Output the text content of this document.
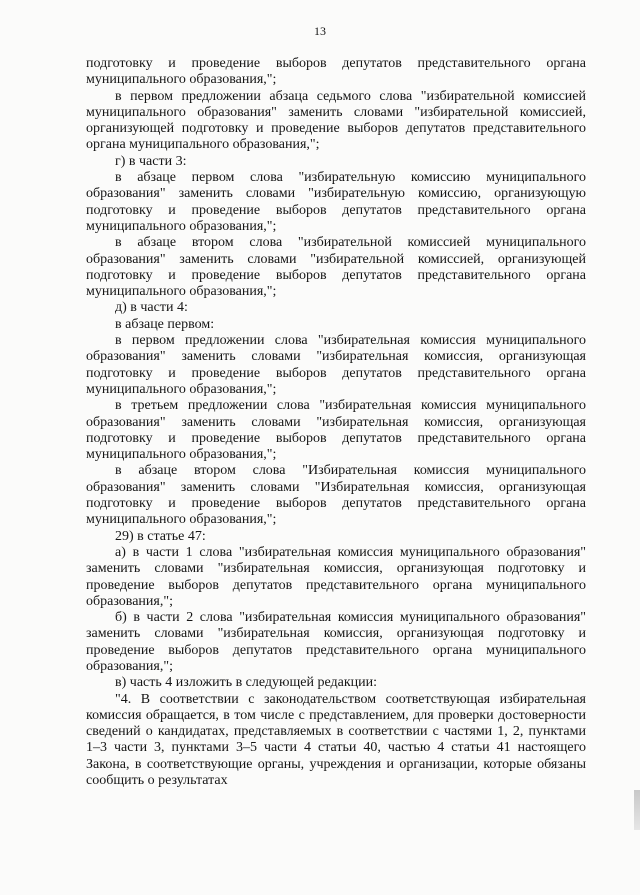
13

подготовку и проведение выборов депутатов представительного органа муниципального образования,";

в первом предложении абзаца седьмого слова "избирательной комиссией муниципального образования" заменить словами "избирательной комиссией, организующей подготовку и проведение выборов депутатов представительного органа муниципального образования,";

г) в части 3:

в абзаце первом слова "избирательную комиссию муниципального образования" заменить словами "избирательную комиссию, организующую подготовку и проведение выборов депутатов представительного органа муниципального образования,";

в абзаце втором слова "избирательной комиссией муниципального образования" заменить словами "избирательной комиссией, организующей подготовку и проведение выборов депутатов представительного органа муниципального образования,";

д) в части 4:

в абзаце первом:

в первом предложении слова "избирательная комиссия муниципального образования" заменить словами "избирательная комиссия, организующая подготовку и проведение выборов депутатов представительного органа муниципального образования,";

в третьем предложении слова "избирательная комиссия муниципального образования" заменить словами "избирательная комиссия, организующая подготовку и проведение выборов депутатов представительного органа муниципального образования,";

в абзаце втором слова "Избирательная комиссия муниципального образования" заменить словами "Избирательная комиссия, организующая подготовку и проведение выборов депутатов представительного органа муниципального образования,";

29) в статье 47:

а) в части 1 слова "избирательная комиссия муниципального образования" заменить словами "избирательная комиссия, организующая подготовку и проведение выборов депутатов представительного органа муниципального образования,";

б) в части 2 слова "избирательная комиссия муниципального образования" заменить словами "избирательная комиссия, организующая подготовку и проведение выборов депутатов представительного органа муниципального образования,";

в) часть 4 изложить в следующей редакции:

"4. В соответствии с законодательством соответствующая избирательная комиссия обращается, в том числе с представлением, для проверки достоверности сведений о кандидатах, представляемых в соответствии с частями 1, 2, пунктами 1–3 части 3, пунктами 3–5 части 4 статьи 40, частью 4 статьи 41 настоящего Закона, в соответствующие органы, учреждения и организации, которые обязаны сообщить о результатах
